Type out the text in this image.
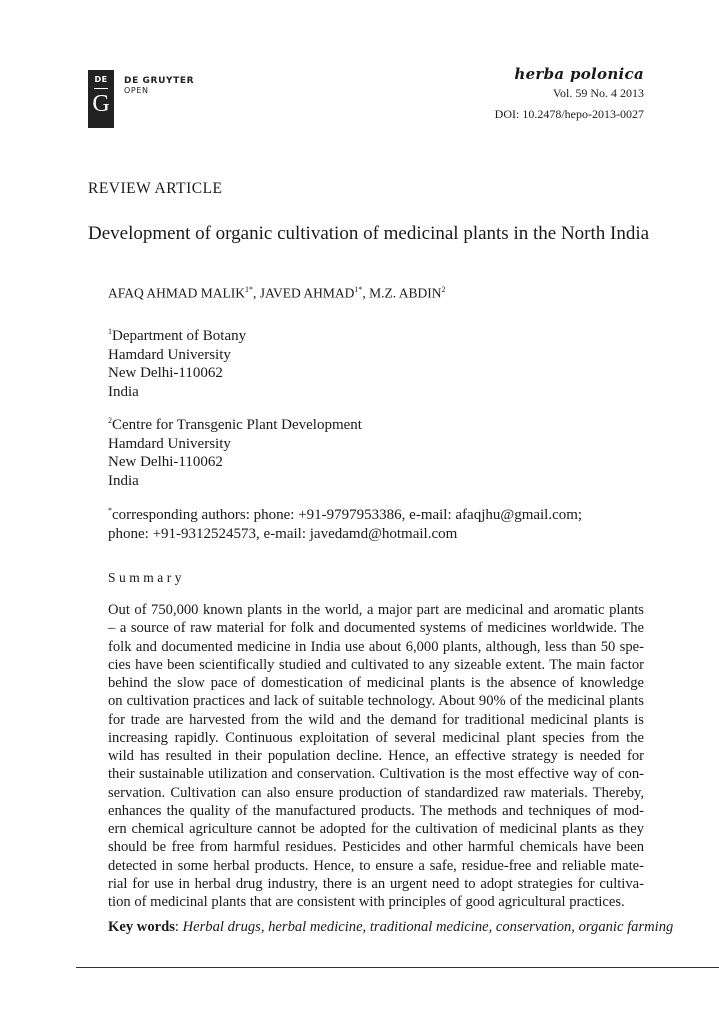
DE
G
DE GRUYTER
OPEN
herba polonica
Vol. 59 No. 4 2013
DOI: 10.2478/hepo-2013-0027
REVIEW ARTICLE
Development of organic cultivation of medicinal plants in the North India
AFAQ AHMAD $MALIK^{1*}$, JAVED $AHMAD^{1*}$, M.Z. ABDIN$^2$
$^1$Department of Botany
Hamdard University
New Delhi-110062
India
$^2$Centre for Transgenic Plant Development
Hamdard University
New Delhi-110062
India
*corresponding authors: phone: +91-9797953386, e-mail: afaqjhu@gmail.com;
phone: +91-9312524573, e-mail: javedamd@hotmail.com
Summary

Out of 750,000 known plants in the world, a major part are medicinal and aromatic plants

– a source of raw material for folk and documented systems of medicines worldwide. The

folk and documented medicine in India use about 6,000 plants, although, less than 50 spe-

cies have been scientifically studied and cultivated to any sizeable extent. The main factor

behind the slow pace of domestication of medicinal plants is the absence of knowledge

on cultivation practices and lack of suitable technology. About 90% of the medicinal plants

for trade are harvested from the wild and the demand for traditional medicinal plants is

increasing rapidly. Continuous exploitation of several medicinal plant species from the

wild has resulted in their population decline. Hence, an effective strategy is needed for

their sustainable utilization and conservation. Cultivation is the most effective way of con-

servation. Cultivation can also ensure production of standardized raw materials. Thereby,

enhances the quality of the manufactured products. The methods and techniques of mod-

ern chemical agriculture cannot be adopted for the cultivation of medicinal plants as they

should be free from harmful residues. Pesticides and other harmful chemicals have been

detected in some herbal products. Hence, to ensure a safe, residue-free and reliable mate-

rial for use in herbal drug industry, there is an urgent need to adopt strategies for cultiva-

tion of medicinal plants that are consistent with principles of good agricultural practices.

Key words: Herbal drugs, herbal medicine, traditional medicine, conservation, organic farming
